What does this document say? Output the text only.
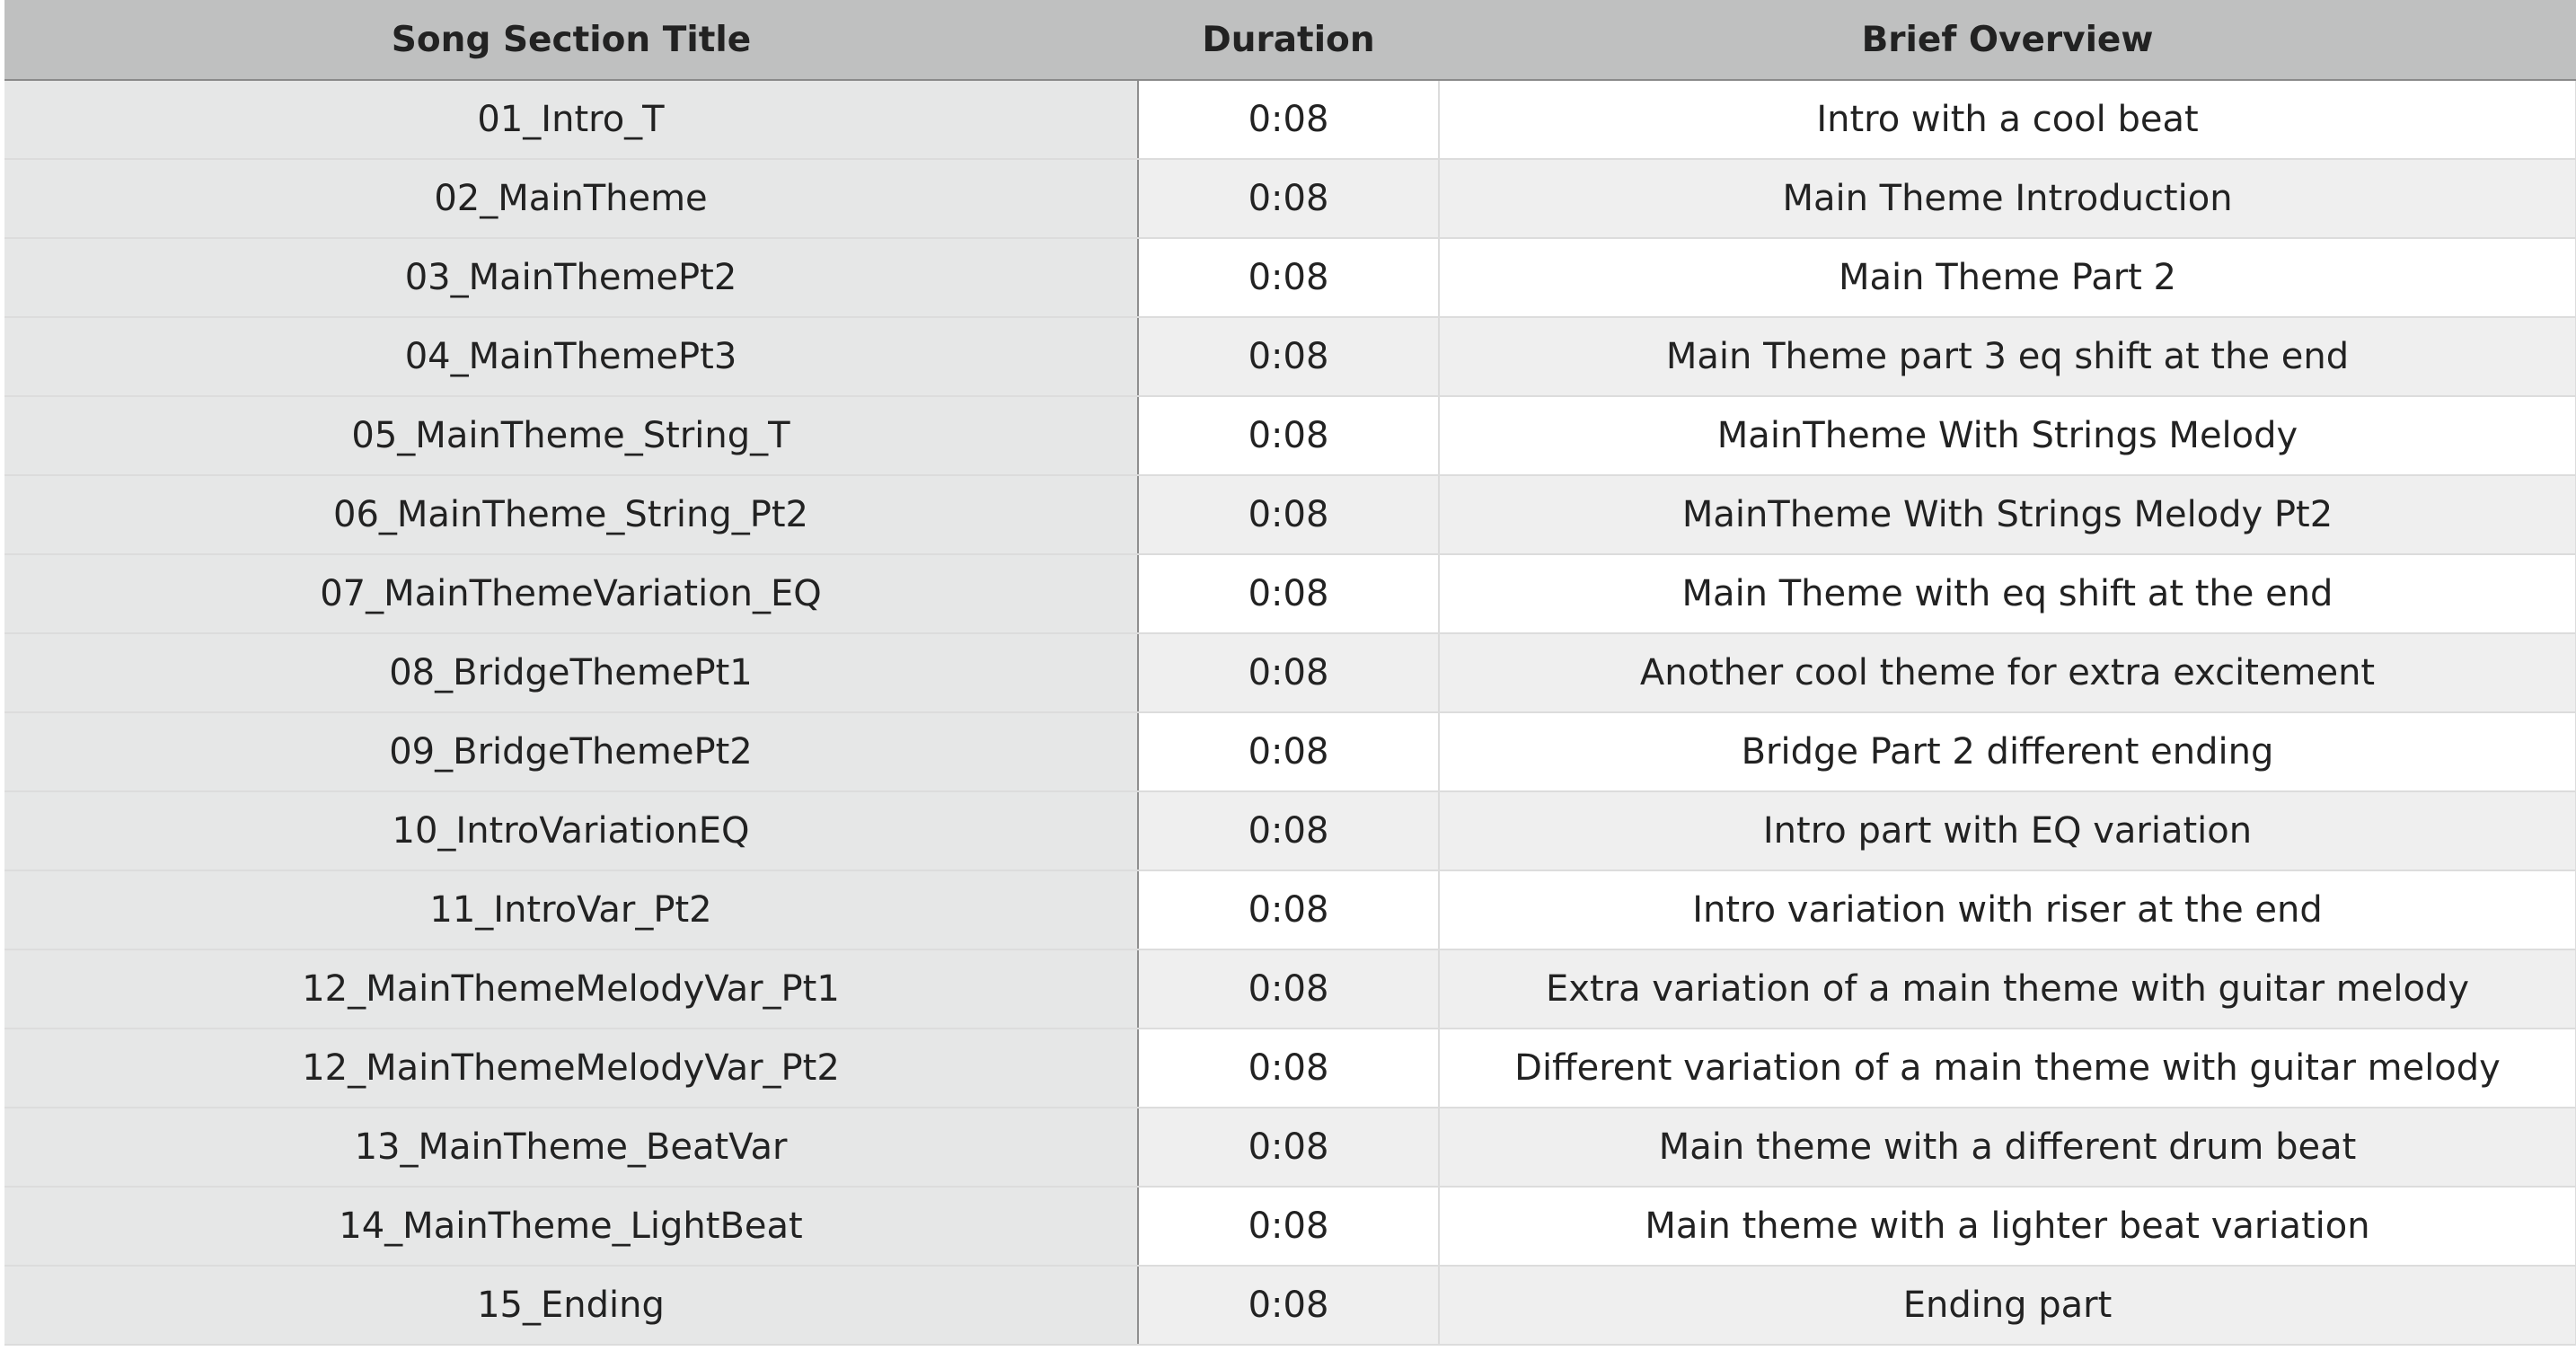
Song Section Title	Duration	Brief Overview
01_Intro_T	0:08	Intro with a cool beat
02_MainTheme	0:08	Main Theme Introduction
03_MainThemePt2	0:08	Main Theme Part 2
04_MainThemePt3	0:08	Main Theme part 3 eq shift at the end
05_MainTheme_String_T	0:08	MainTheme With Strings Melody
06_MainTheme_String_Pt2	0:08	MainTheme With Strings Melody Pt2
07_MainThemeVariation_EQ	0:08	Main Theme with eq shift at the end
08_BridgeThemePt1	0:08	Another cool theme for extra excitement
09_BridgeThemePt2	0:08	Bridge Part 2 different ending
10_IntroVariationEQ	0:08	Intro part with EQ variation
11_IntroVar_Pt2	0:08	Intro variation with riser at the end
12_MainThemeMelodyVar_Pt1	0:08	Extra variation of a main theme with guitar melody
12_MainThemeMelodyVar_Pt2	0:08	Different variation of a main theme with guitar melody
13_MainTheme_BeatVar	0:08	Main theme with a different drum beat
14_MainTheme_LightBeat	0:08	Main theme with a lighter beat variation
15_Ending	0:08	Ending part
